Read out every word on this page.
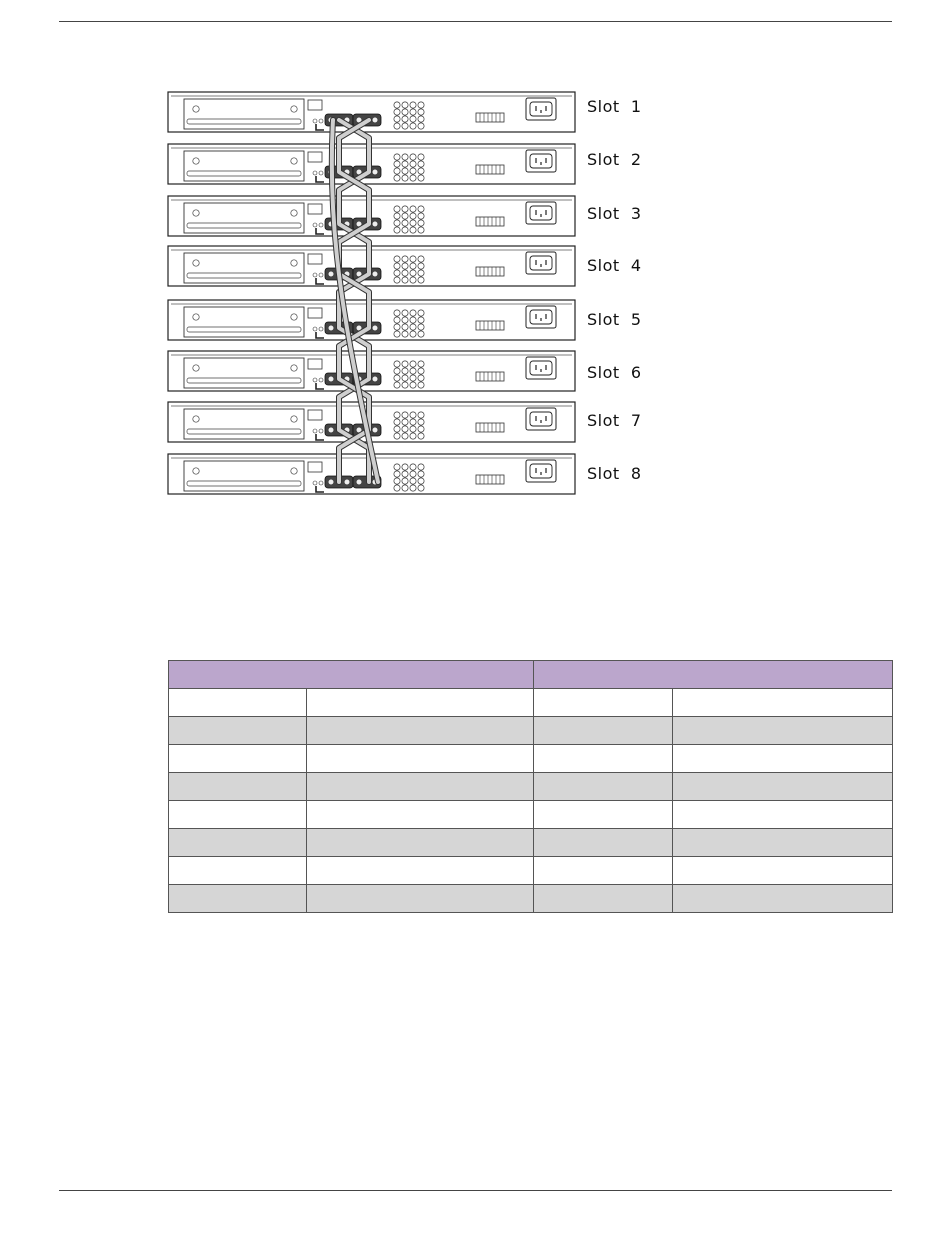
Slot  1
Slot  2
Slot  3
Slot  4
Slot  5
Slot  6
Slot  7
Slot  8
